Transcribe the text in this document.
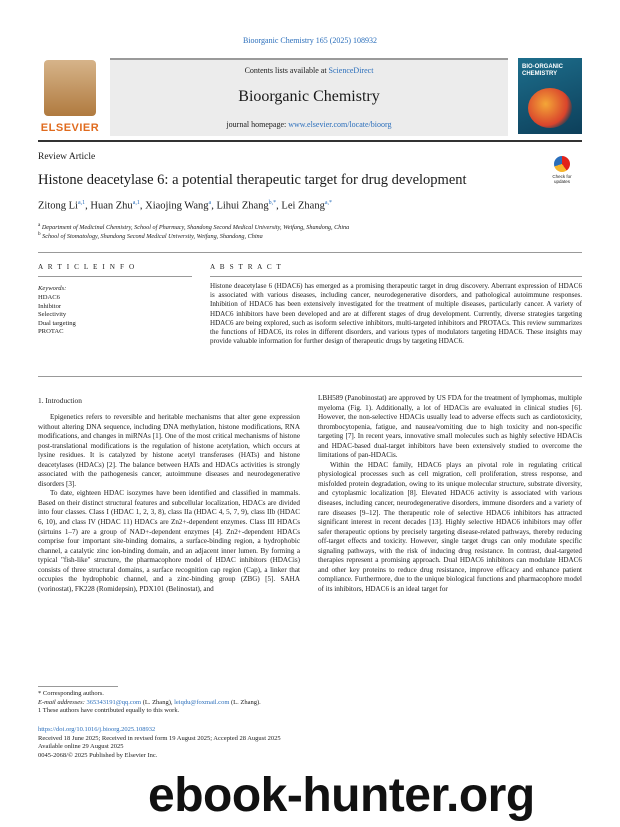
Bioorganic Chemistry 165 (2025) 108932
ELSEVIER
Contents lists available at ScienceDirect
Bioorganic Chemistry
journal homepage: www.elsevier.com/locate/bioorg
BIO-ORGANIC CHEMISTRY
Review Article
Histone deacetylase 6: a potential therapeutic target for drug development	Check for updates
Zitong Li$^{a,1}$, Huan Zhu$^{a,1}$, Xiaojing Wang$^a$, Lihui Zhang$^{b,*}$, Lei Zhang$^{a,*}$
$^a$ Department of Medicinal Chemistry, School of Pharmacy, Shandong Second Medical University, Weifang, Shandong, China
$^b$ School of Stomatology, Shandong Second Medical University, Weifang, Shandong, China
A R T I C L E I N F O	A B S T R A C T
Keywords:
HDAC6
Inhibitor
Selectivity
Dual targeting
PROTAC
Histone deacetylase 6 (HDAC6) has emerged as a promising therapeutic target in drug discovery. Aberrant expression of HDAC6 is associated with various diseases, including cancer, neurodegenerative disorders, and pathological autoimmune responses. Inhibition of HDAC6 has been extensively investigated for the treatment of multiple diseases, particularly cancer. A variety of HDAC6 inhibitors have been developed and are at different stages of drug development. Currently, diverse strategies targeting HDAC6 are being explored, such as isoform selective inhibitors, multi-targeted inhibitors and PROTACs. This review summarizes the functions of HDAC6, its roles in different disorders, and various types of modulators targeting HDAC6. These insights may provide valuable information for further design of therapeutic drugs by targeting HDAC6.
1. Introduction

Epigenetics refers to reversible and heritable mechanisms that alter gene expression without altering DNA sequence, including DNA methylation, histone modifications, RNA modifications, and changes in miRNAs [1]. One of the most critical mechanisms of histone post-translational modifications is the regulation of histone acetylation, which occurs at lysine residues. It is catalyzed by histone acetyl transferases (HATs) and histone deacetylases (HDACs) [2]. The balance between HATs and HDACs activities is strongly associated with the pathogenesis cancer, autoimmune diseases and neurodegenerative disorders [3].

To date, eighteen HDAC isozymes have been identified and classified in mammals. Based on their distinct structural features and subcellular localization, HDACs are divided into four classes. Class I (HDAC 1, 2, 3, 8), class IIa (HDAC 4, 5, 7, 9), class IIb (HDAC 6, 10), and class IV (HDAC 11) HDACs are Zn2+-dependent enzymes. Class III HDACs (sirtuins 1–7) are a group of NAD+-dependent enzymes [4]. Zn2+-dependent HDACs comprise four important site-binding domains, a surface-binding region, a hydrophobic channel, a catalytic zinc ion-binding domain, and an adjacent inner lumen. By forming a typical "fish-like" structure, the pharmacophore model of HDAC inhibitors (HDACis) consists of three structural domains, a surface recognition cap region (Cap), a linker that occupies the hydrophobic channel, and a zinc-binding group (ZBG) [5]. SAHA (vorinostat), FK228 (Romidepsin), PDX101 (Belinostat), and

LBH589 (Panobinostat) are approved by US FDA for the treatment of lymphomas, multiple myeloma (Fig. 1). Additionally, a lot of HDACis are evaluated in clinical studies [6]. However, the non-selective HDACis usually lead to adverse effects such as cardiotoxicity, thrombocytopenia, fatigue, and nausea/vomiting due to high toxicity and non-specific targeting [7]. In recent years, innovative small molecules such as highly selective HDACis and HDAC-based dual-target inhibitors have been extensively studied to overcome the limitations of pan-HDACis.

Within the HDAC family, HDAC6 plays an pivotal role in regulating critical physiological processes such as cell migration, cell proliferation, stress response, and misfolded protein degradation, owing to its unique molecular structure, substrate diversity, and cytoplasmic localization [8]. Elevated HDAC6 activity is associated with various diseases, including cancer, neurodegenerative disorders, immune disorders and a variety of rare diseases [9–12]. The therapeutic role of selective HDAC6 inhibitors has attracted significant interest in recent decades [13]. Highly selective HDAC6 inhibitors may offer safer therapeutic options by precisely targeting disease-related pathways, thereby reducing off-target effects and toxicity. However, single target drugs can only modulate specific signaling pathways, with the risk of inducing drug resistance. In contrast, dual-targeted therapies represent a promising approach. Dual HDAC6 inhibitors can modulate HDAC6 and other key proteins to reduce drug resistance, improve efficacy and enhance patient compliance. Furthermore, due to the unique biological functions and pharmacophore model of its inhibitors, HDAC6 is an ideal target for

* Corresponding authors.
E-mail addresses: 365343191@qq.com (L. Zhang), leiqdu@foxmail.com (L. Zhang).
1 These authors have contributed equally to this work.
https://doi.org/10.1016/j.bioorg.2025.108932
Received 18 June 2025; Received in revised form 19 August 2025; Accepted 28 August 2025
Available online 29 August 2025
0045-2068/© 2025 Published by Elsevier Inc.
ebook-hunter.org
